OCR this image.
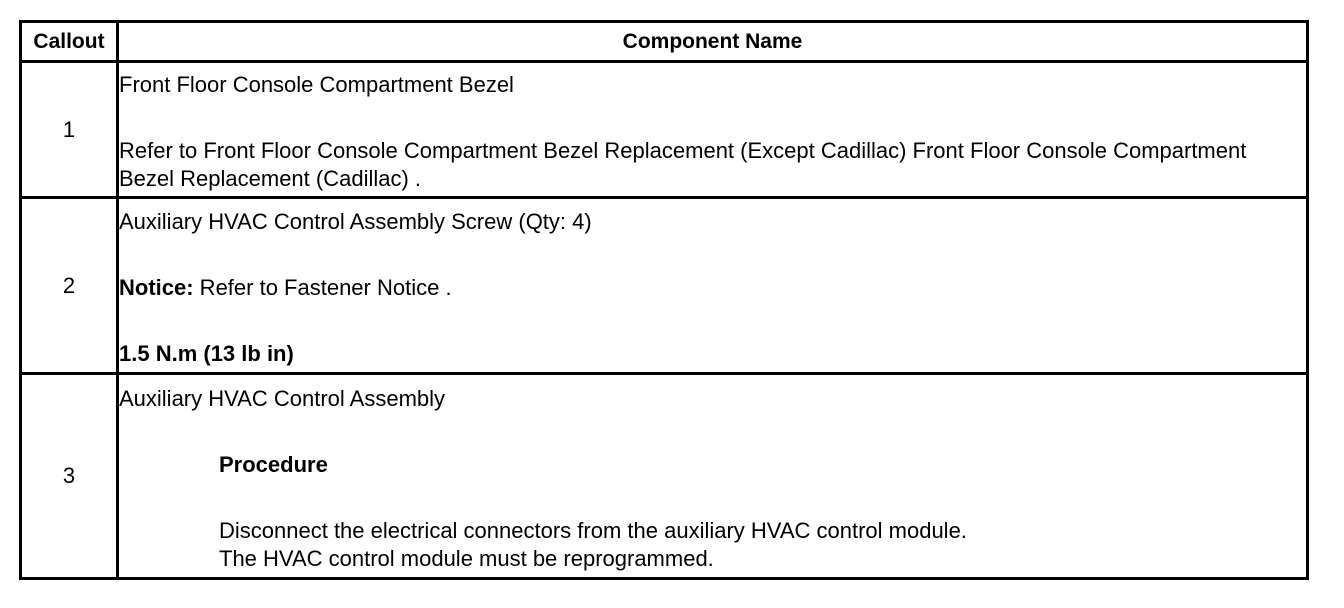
Callout	Component Name
1	Front Floor Console Compartment Bezel
Refer to Front Floor Console Compartment Bezel Replacement (Except Cadillac) Front Floor Console Compartment Bezel Replacement (Cadillac) .

2	Auxiliary HVAC Control Assembly Screw (Qty: 4)
Notice: Refer to Fastener Notice .
1.5 N.m (13 lb in)

3	Auxiliary HVAC Control Assembly
Procedure
Disconnect the electrical connectors from the auxiliary HVAC control module.
The HVAC control module must be reprogrammed.
